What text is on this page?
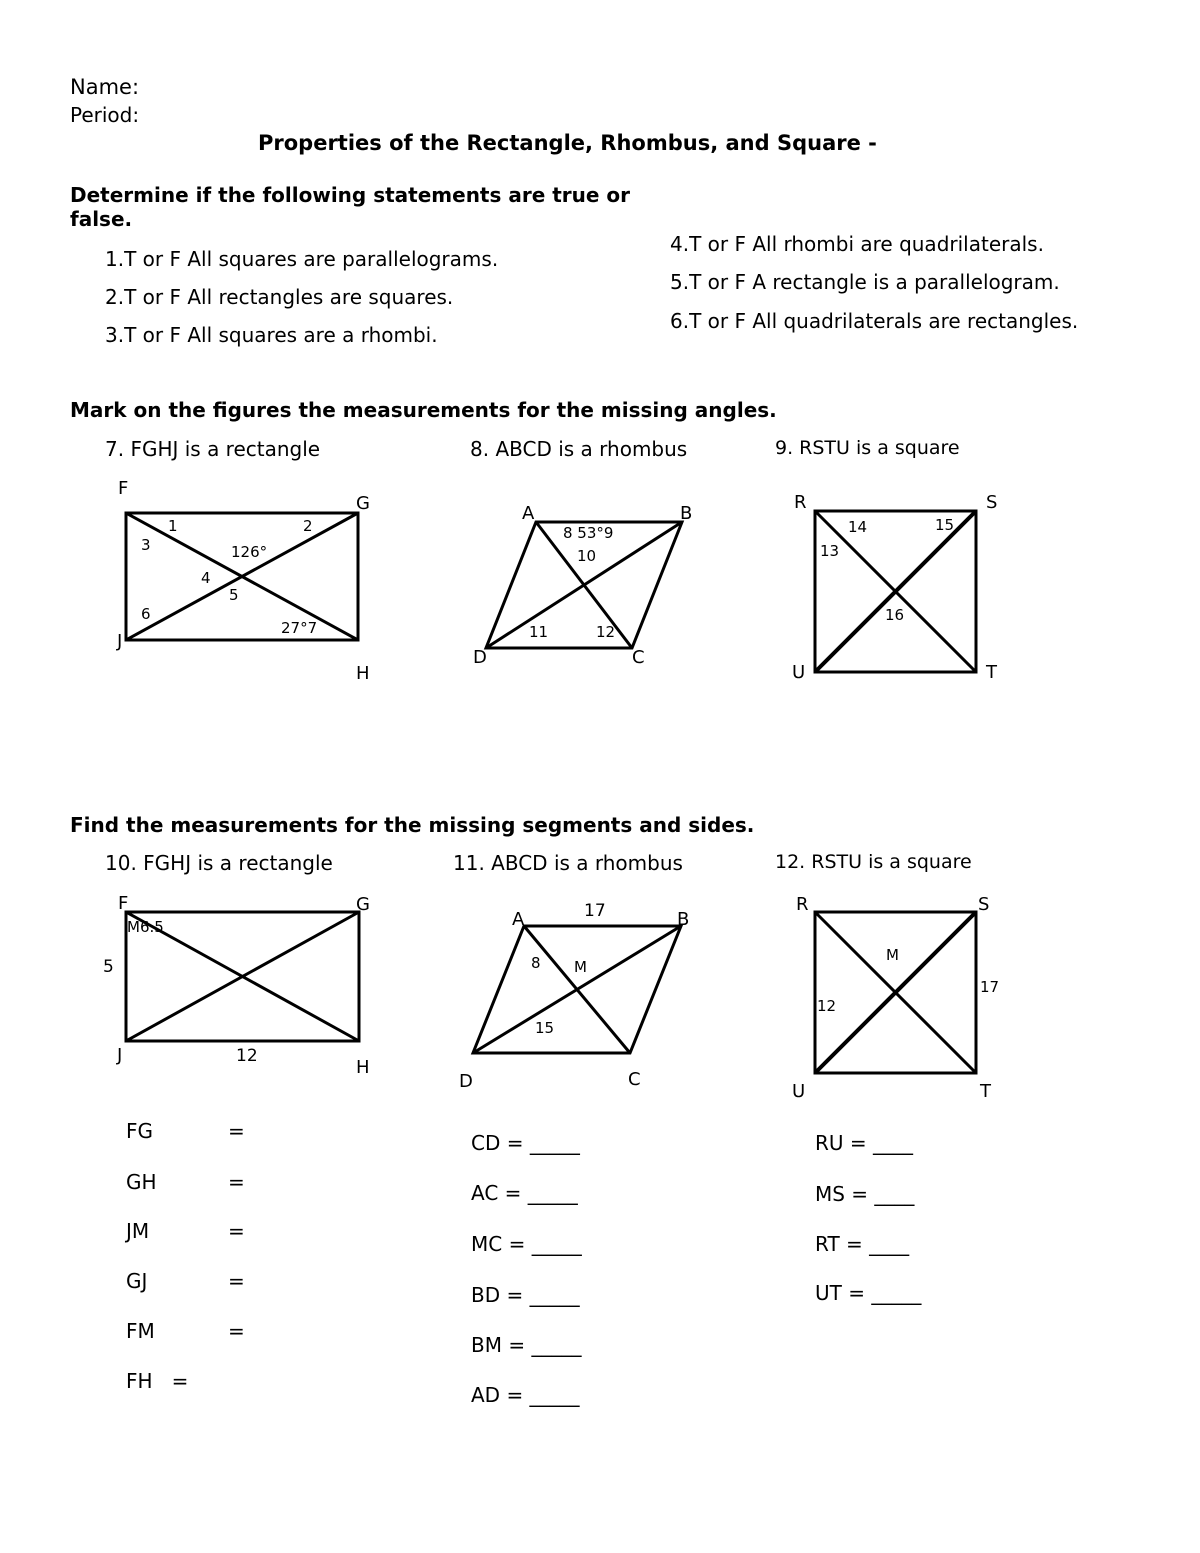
Name:
Period:
Properties of the Rectangle, Rhombus, and Square -
Determine if the following statements are true or
false.
1.T or F All squares are parallelograms.
2.T or F All rectangles are squares.
3.T or F All squares are a rhombi.
4.T or F All rhombi are quadrilaterals.
5.T or F A rectangle is a parallelogram.
6.T or F All quadrilaterals are rectangles.
Mark on the figures the measurements for the missing angles.
7. FGHJ is a rectangle	8. ABCD is a rhombus	9. RSTU is a square
F
G
H
J
1	2
3
4
5
6
126°
27°7
A	B
C
D
8 53°9
10
11	12
R	S
T
U
13
14	15
16
Find the measurements for the missing segments and sides.
10. FGHJ is a rectangle	11. ABCD is a rhombus	12. RSTU is a square
F	G
H
J
M6.5
5
12
A	B
C
D
M
17
8
15
R	S
T
U
M
12
17
FG	=
GH	=
JM	=
GJ	=
FM	=
FH   =
CD = _____
AC = _____
MC = _____
BD = _____
BM = _____
AD = _____
RU = ____
MS = ____
RT = ____
UT = _____
